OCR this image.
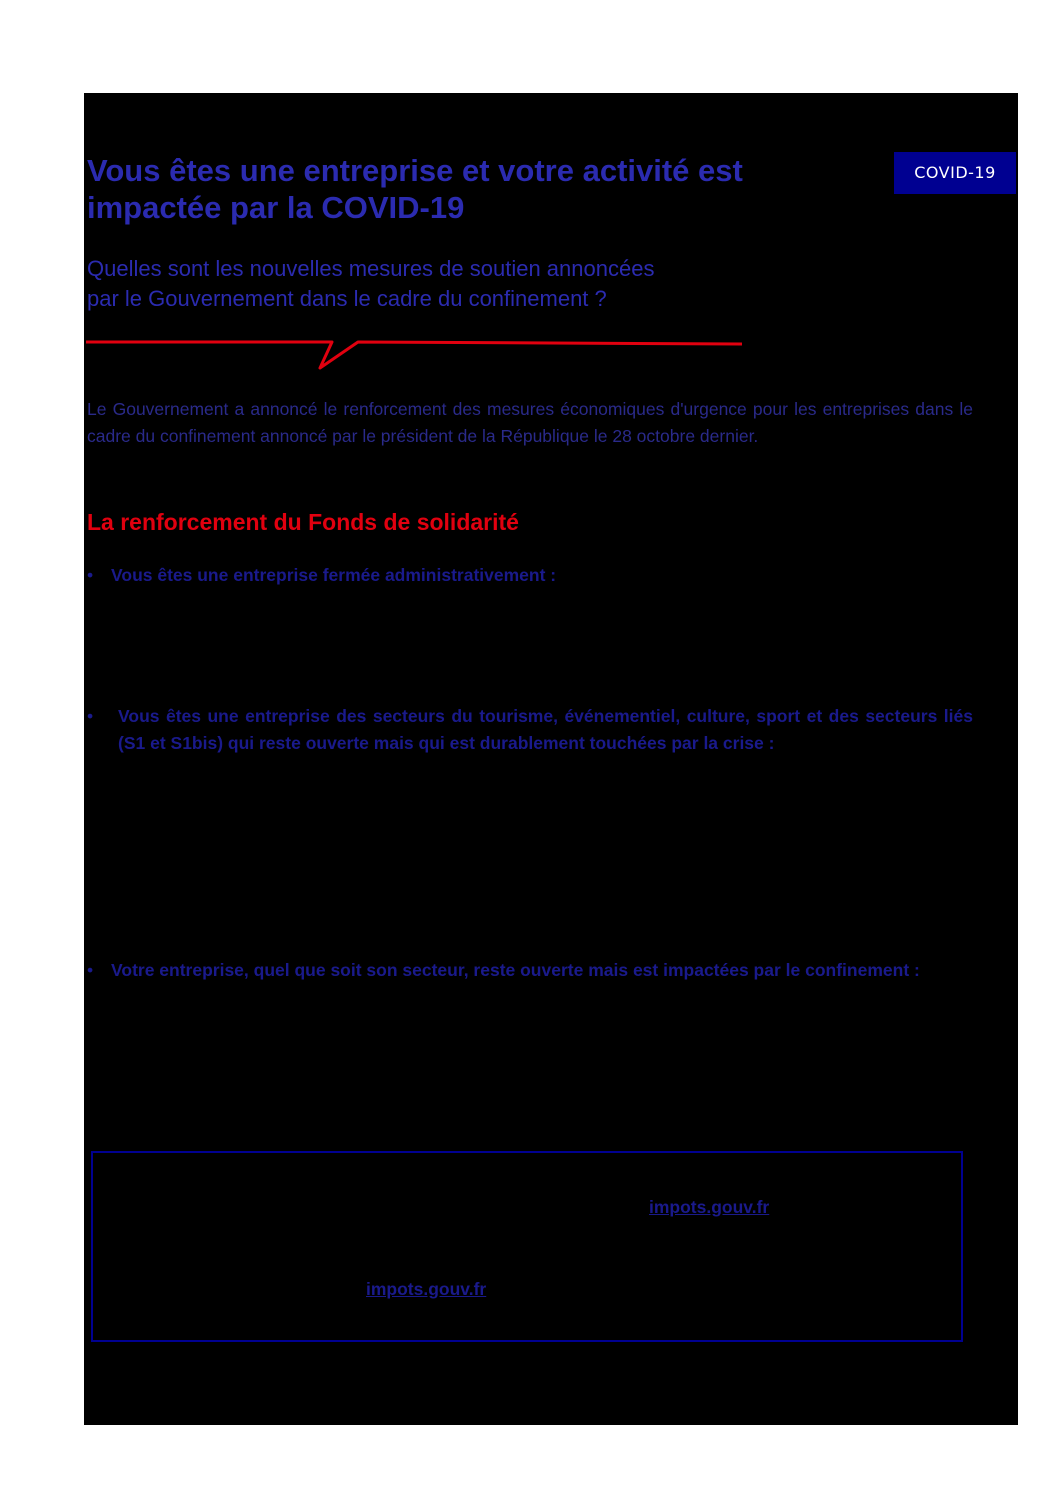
Vous êtes une entreprise et votre activité est impactée par la COVID-19
COVID-19

Quelles sont les nouvelles mesures de soutien annoncées
par le Gouvernement dans le cadre du confinement ?

Le Gouvernement a annoncé le renforcement des mesures économiques d'urgence pour les entreprises dans le cadre du confinement annoncé par le président de la République le 28 octobre dernier.

La renforcement du Fonds de solidarité
• Vous êtes une entreprise fermée administrativement :
• Vous êtes une entreprise des secteurs du tourisme, événementiel, culture, sport et des secteurs liés (S1 et S1bis) qui reste ouverte mais qui est durablement touchées par la crise :
• Votre entreprise, quel que soit son secteur, reste ouverte mais est impactées par le confinement :
impots.gouv.fr
impots.gouv.fr
